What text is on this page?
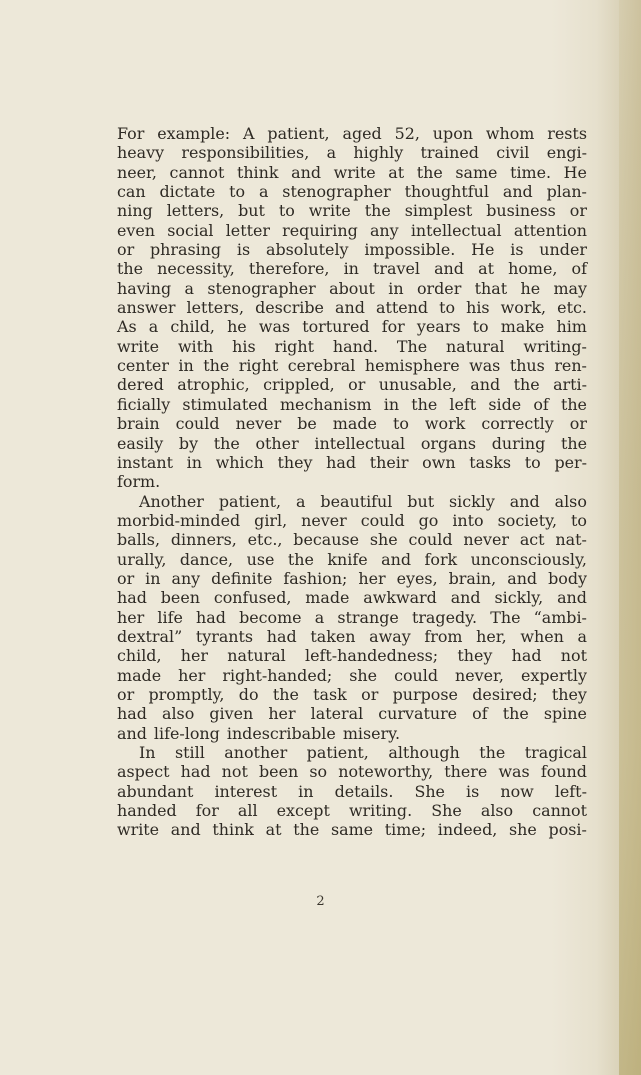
For example: A patient, aged 52, upon whom rests
heavy responsibilities, a highly trained civil engi-
neer, cannot think and write at the same time. He
can dictate to a stenographer thoughtful and plan-
ning letters, but to write the simplest business or
even social letter requiring any intellectual attention
or phrasing is absolutely impossible. He is under
the necessity, therefore, in travel and at home, of
having a stenographer about in order that he may
answer letters, describe and attend to his work, etc.
As a child, he was tortured for years to make him
write with his right hand. The natural writing-
center in the right cerebral hemisphere was thus ren-
dered atrophic, crippled, or unusable, and the arti-
ficially stimulated mechanism in the left side of the
brain could never be made to work correctly or
easily by the other intellectual organs during the
instant in which they had their own tasks to per-
form.
Another patient, a beautiful but sickly and also
morbid-minded girl, never could go into society, to
balls, dinners, etc., because she could never act nat-
urally, dance, use the knife and fork unconsciously,
or in any definite fashion; her eyes, brain, and body
had been confused, made awkward and sickly, and
her life had become a strange tragedy. The “ambi-
dextral” tyrants had taken away from her, when a
child, her natural left-handedness; they had not
made her right-handed; she could never, expertly
or promptly, do the task or purpose desired; they
had also given her lateral curvature of the spine
and life-long indescribable misery.
In still another patient, although the tragical
aspect had not been so noteworthy, there was found
abundant interest in details. She is now left-
handed for all except writing. She also cannot
write and think at the same time; indeed, she posi-
2
